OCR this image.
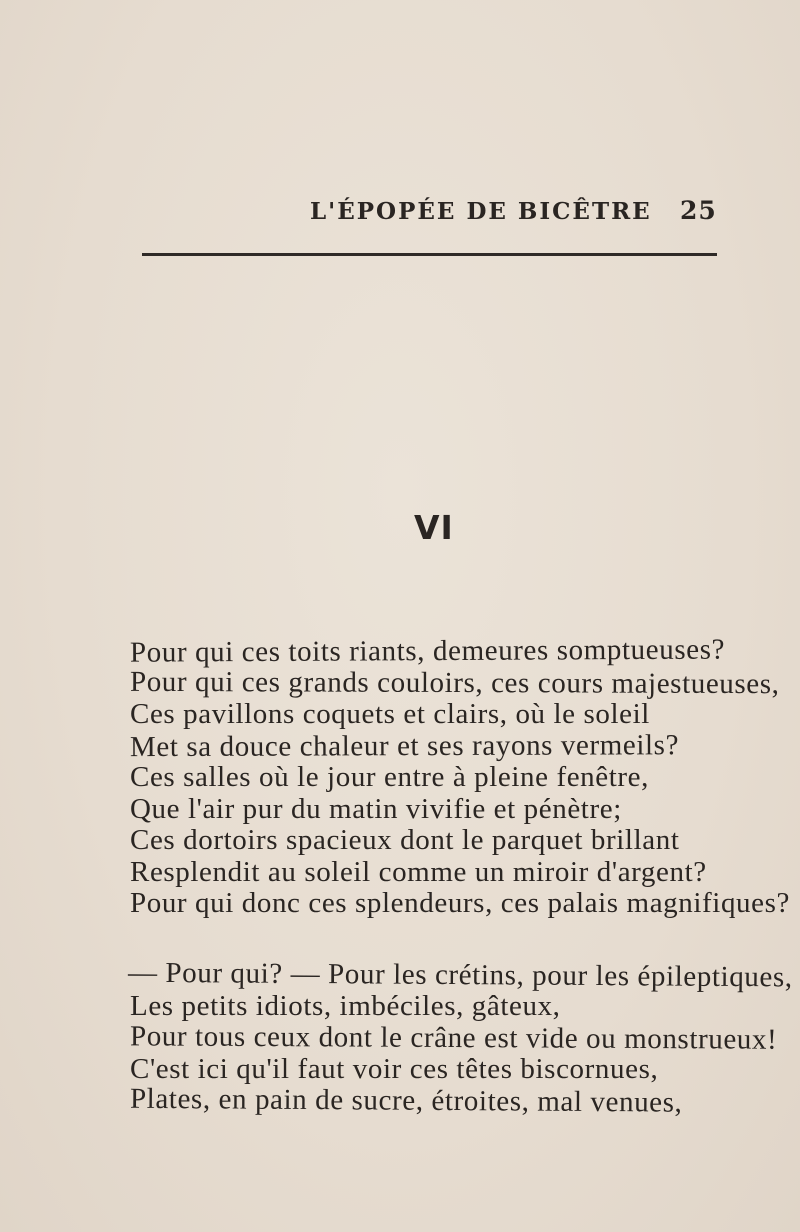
L'ÉPOPÉE DE BICÊTRE 25
VI
Pour qui ces toits riants, demeures somptueuses?
Pour qui ces grands couloirs, ces cours majestueuses,
Ces pavillons coquets et clairs, où le soleil
Met sa douce chaleur et ses rayons vermeils?
Ces salles où le jour entre à pleine fenêtre,
Que l'air pur du matin vivifie et pénètre;
Ces dortoirs spacieux dont le parquet brillant
Resplendit au soleil comme un miroir d'argent?
Pour qui donc ces splendeurs, ces palais magnifiques?
— Pour qui? — Pour les crétins, pour les épileptiques,
Les petits idiots, imbéciles, gâteux,
Pour tous ceux dont le crâne est vide ou monstrueux!
C'est ici qu'il faut voir ces têtes biscornues,
Plates, en pain de sucre, étroites, mal venues,
